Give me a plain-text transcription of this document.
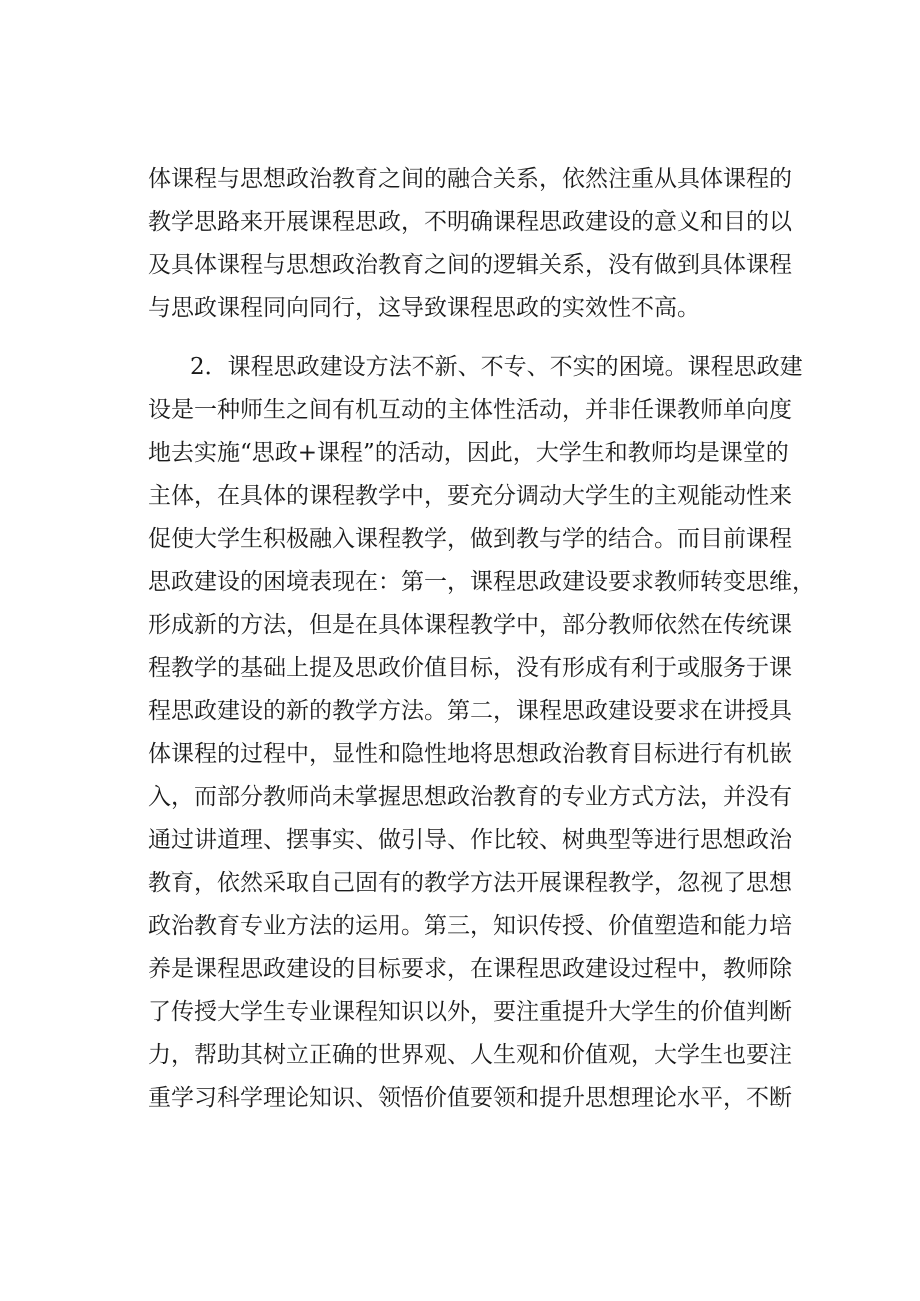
体课程与思想政治教育之间的融合关系，依然注重从具体课程的
教学思路来开展课程思政，不明确课程思政建设的意义和目的以
及具体课程与思想政治教育之间的逻辑关系，没有做到具体课程
与思政课程同向同行，这导致课程思政的实效性不高。
2．课程思政建设方法不新、不专、不实的困境。课程思政建
设是一种师生之间有机互动的主体性活动，并非任课教师单向度
地去实施“思政+课程”的活动，因此，大学生和教师均是课堂的
主体，在具体的课程教学中，要充分调动大学生的主观能动性来
促使大学生积极融入课程教学，做到教与学的结合。而目前课程
思政建设的困境表现在：第一，课程思政建设要求教师转变思维，
形成新的方法，但是在具体课程教学中，部分教师依然在传统课
程教学的基础上提及思政价值目标，没有形成有利于或服务于课
程思政建设的新的教学方法。第二，课程思政建设要求在讲授具
体课程的过程中，显性和隐性地将思想政治教育目标进行有机嵌
入，而部分教师尚未掌握思想政治教育的专业方式方法，并没有
通过讲道理、摆事实、做引导、作比较、树典型等进行思想政治
教育，依然采取自己固有的教学方法开展课程教学，忽视了思想
政治教育专业方法的运用。第三，知识传授、价值塑造和能力培
养是课程思政建设的目标要求，在课程思政建设过程中，教师除
了传授大学生专业课程知识以外，要注重提升大学生的价值判断
力，帮助其树立正确的世界观、人生观和价值观，大学生也要注
重学习科学理论知识、领悟价值要领和提升思想理论水平，不断
